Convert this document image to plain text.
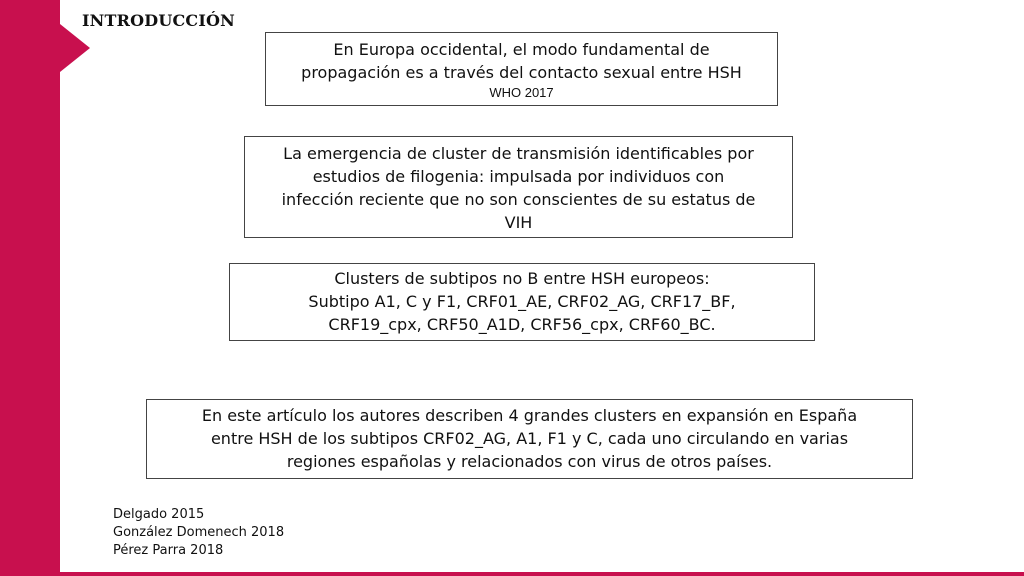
INTRODUCCIÓN
En Europa occidental, el modo fundamental de
propagación es a través del contacto sexual entre HSH
WHO 2017
La emergencia de cluster de transmisión identificables por
estudios de filogenia: impulsada por individuos con
infección reciente que no son conscientes de su estatus de
VIH
Clusters de subtipos no B entre HSH europeos:
Subtipo A1, C y F1, CRF01_AE, CRF02_AG, CRF17_BF,
CRF19_cpx, CRF50_A1D, CRF56_cpx, CRF60_BC.
En este artículo los autores describen 4 grandes clusters en expansión en España
entre HSH de los subtipos CRF02_AG, A1, F1 y C, cada uno circulando en varias
regiones españolas y relacionados con virus de otros países.
Delgado 2015
González Domenech 2018
Pérez Parra 2018
